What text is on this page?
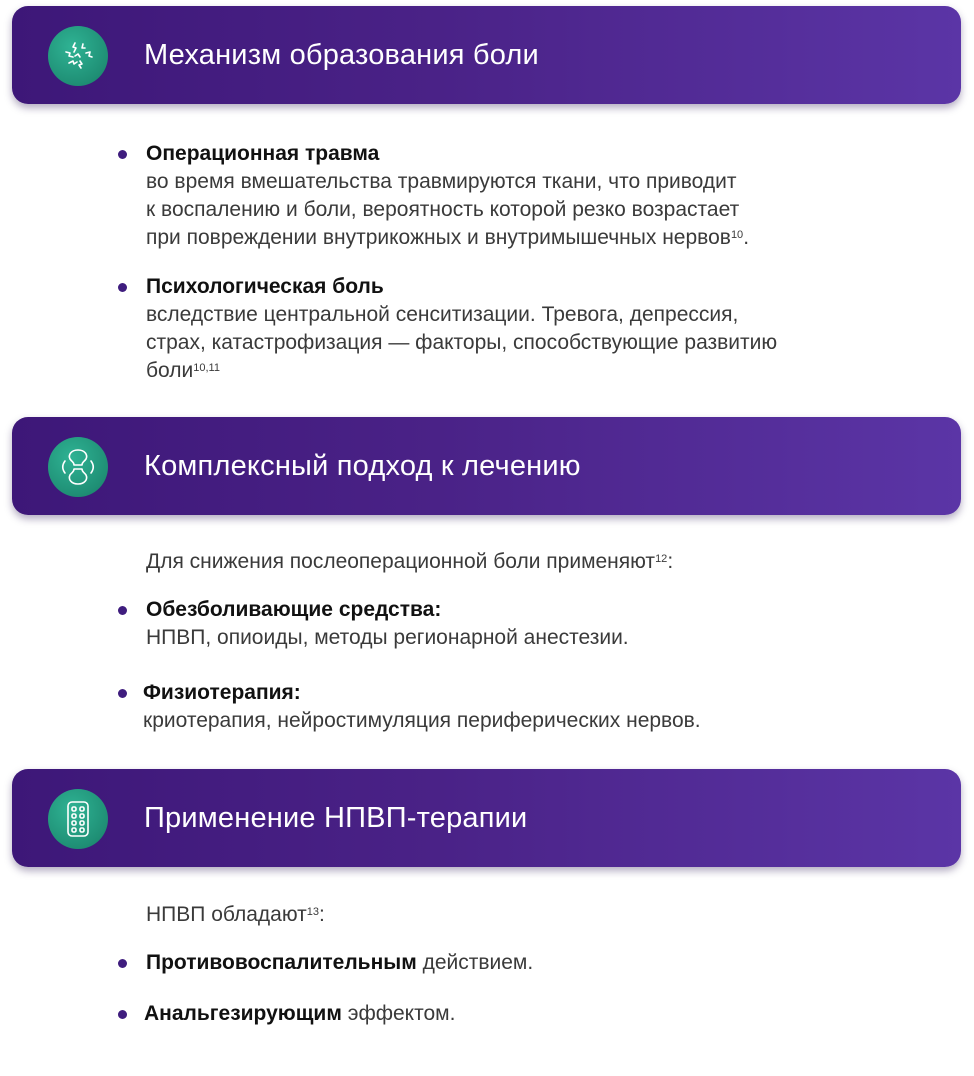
Механизм образования боли
Операционная травма
во время вмешательства травмируются ткани, что приводит
к воспалению и боли, вероятность которой резко возрастает
при повреждении внутрикожных и внутримышечных нервов$^{10}$.
Психологическая боль
вследствие центральной сенситизации. Тревога, депрессия,
страх, катастрофизация — факторы, способствующие развитию
боли$^{10,11}$
Комплексный подход к лечению
Для снижения послеоперационной боли применяют$^{12}$:
Обезболивающие средства:
НПВП, опиоиды, методы регионарной анестезии.
Физиотерапия:
криотерапия, нейростимуляция периферических нервов.
Применение НПВП-терапии
НПВП обладают$^{13}$:
Противовоспалительным действием.
Анальгезирующим эффектом.
